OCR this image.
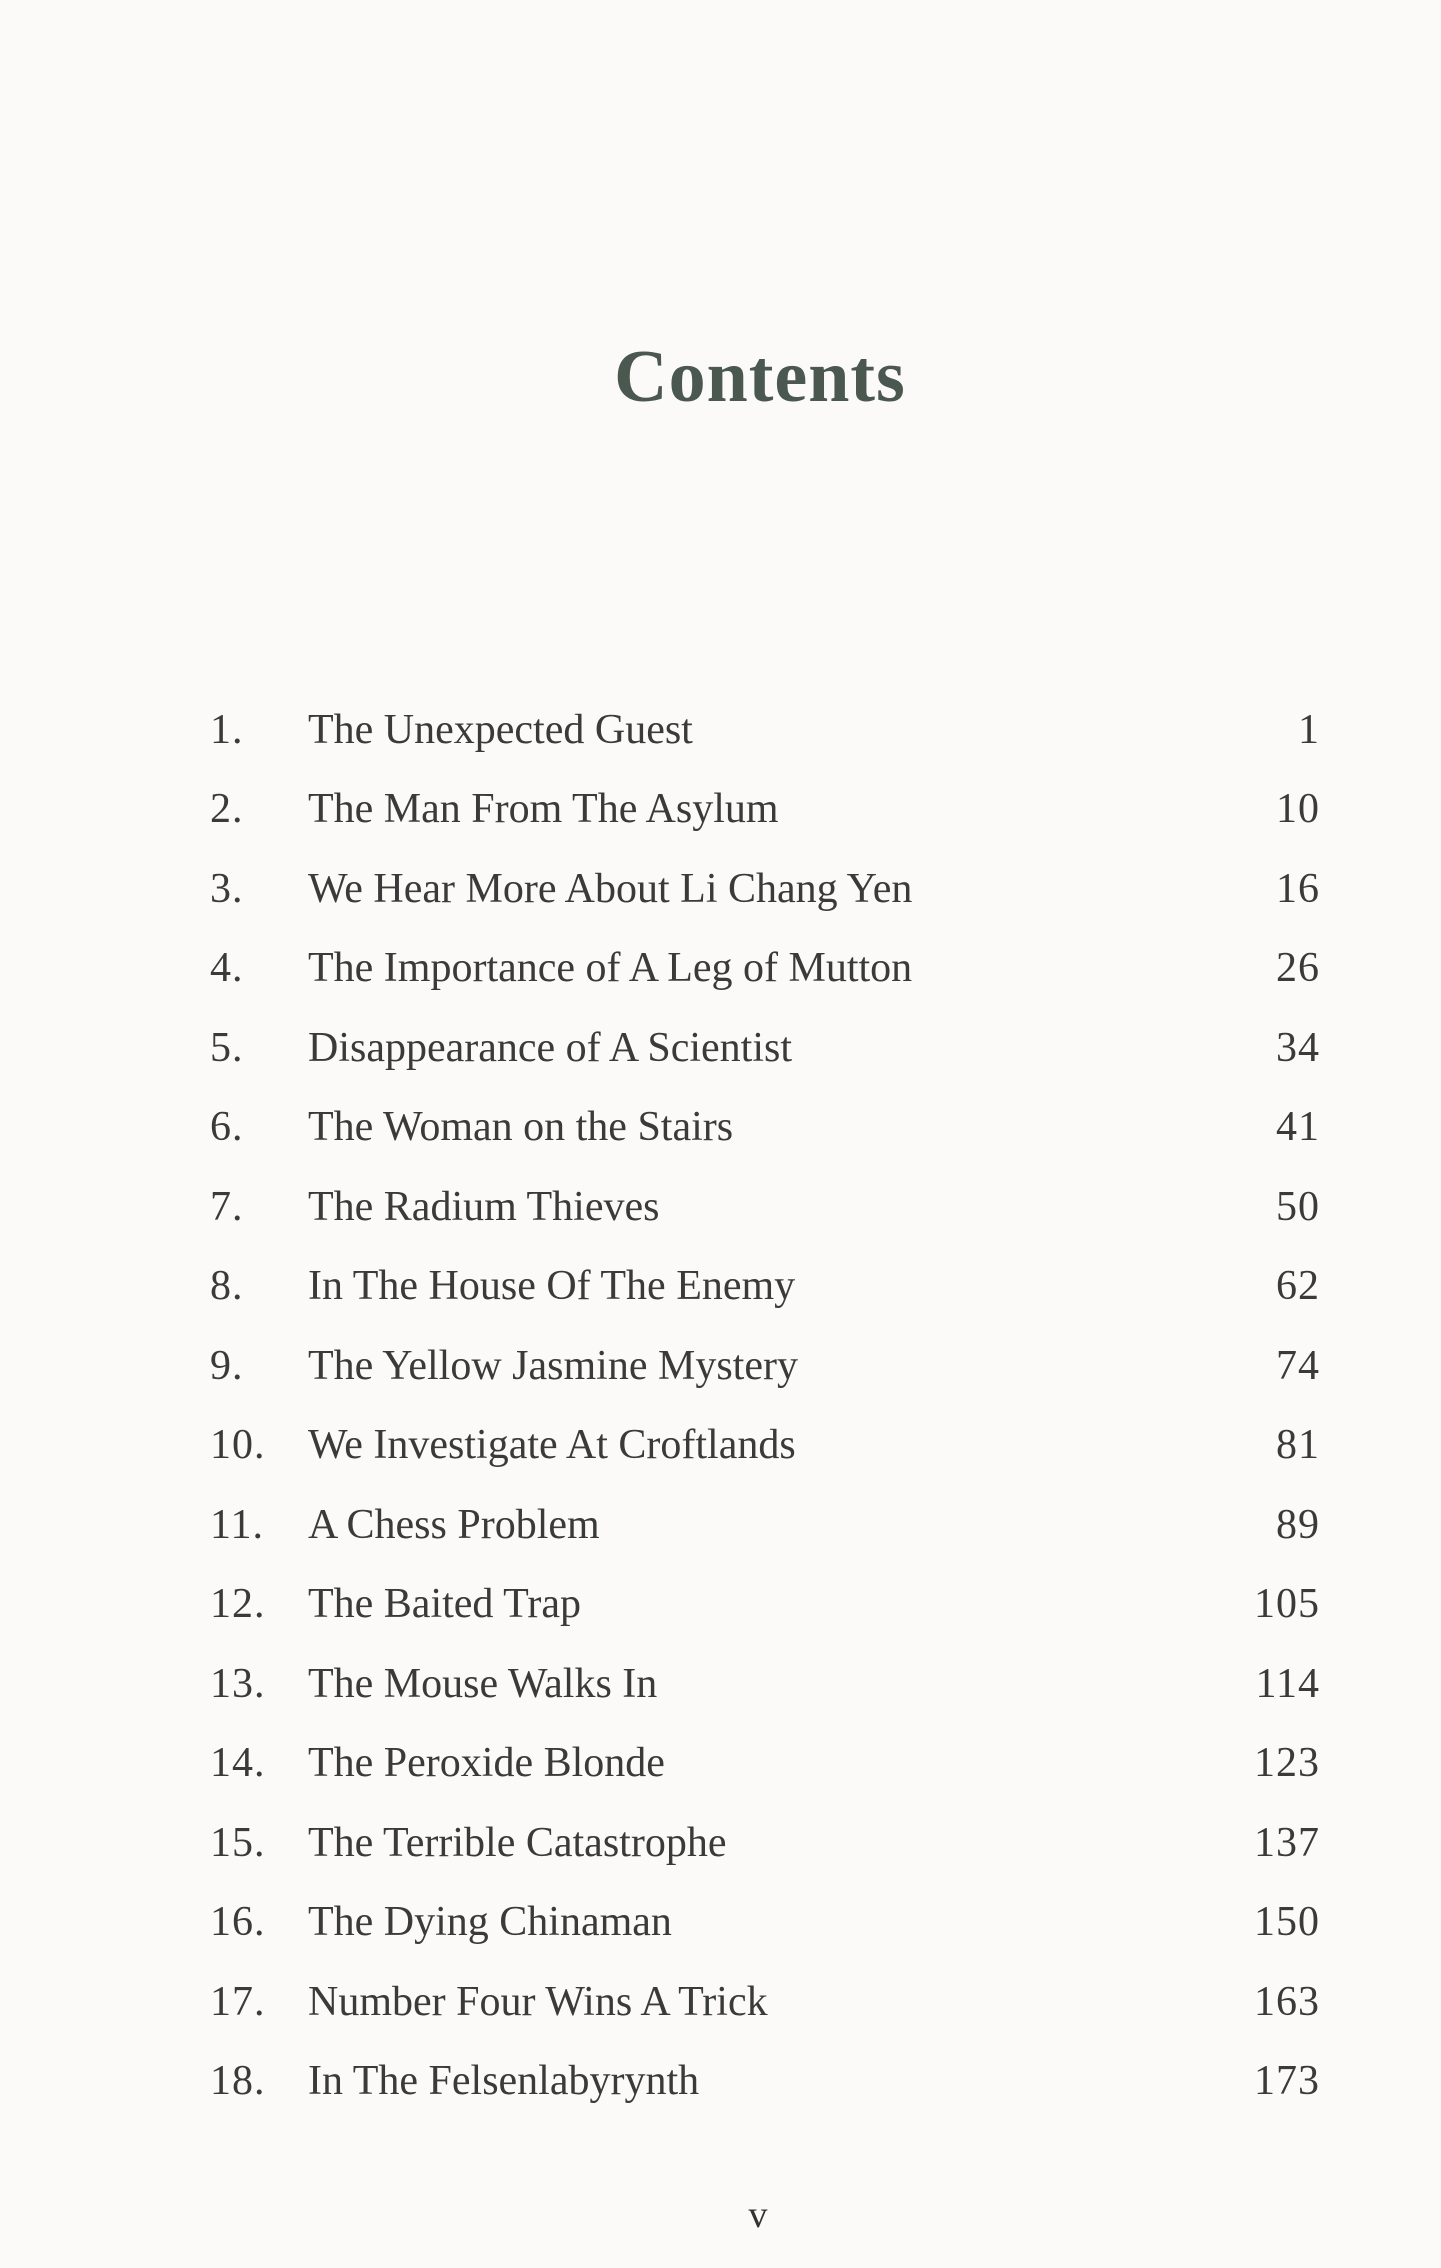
Contents
1.	The Unexpected Guest	1
2.	The Man From The Asylum	10
3.	We Hear More About Li Chang Yen	16
4.	The Importance of A Leg of Mutton	26
5.	Disappearance of A Scientist	34
6.	The Woman on the Stairs	41
7.	The Radium Thieves	50
8.	In The House Of The Enemy	62
9.	The Yellow Jasmine Mystery	74
10.	We Investigate At Croftlands	81
11.	A Chess Problem	89
12.	The Baited Trap	105
13.	The Mouse Walks In	114
14.	The Peroxide Blonde	123
15.	The Terrible Catastrophe	137
16.	The Dying Chinaman	150
17.	Number Four Wins A Trick	163
18.	In The Felsenlabyrynth	173
v
